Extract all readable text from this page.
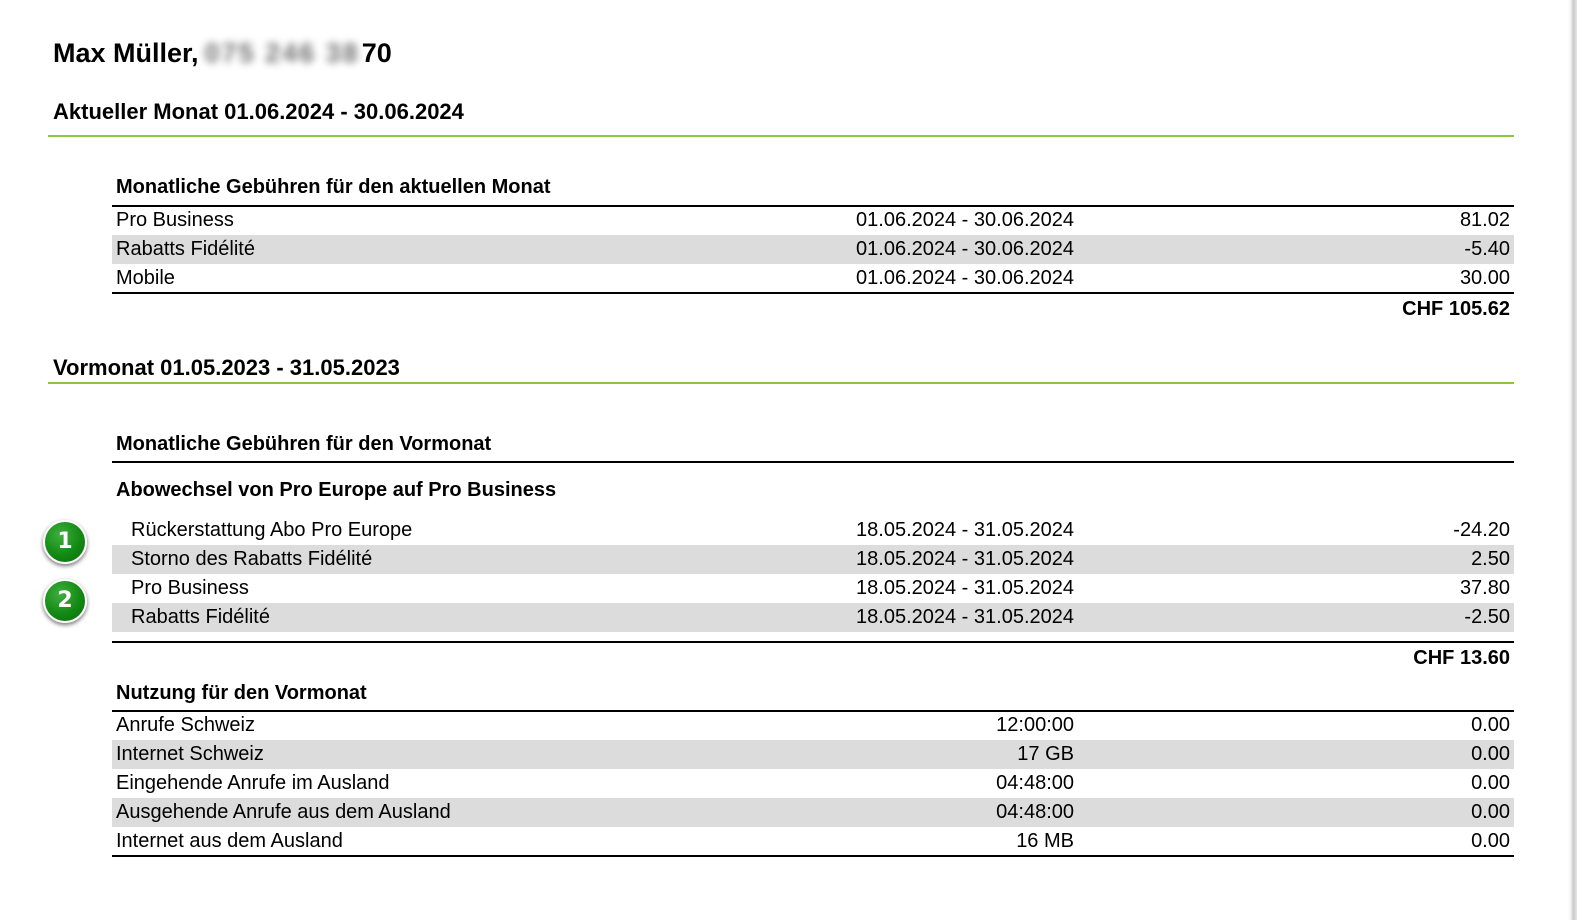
Max Müller, 075 246 3870
Aktueller Monat 01.06.2024 - 30.06.2024
Monatliche Gebühren für den aktuellen Monat
Pro Business	01.06.2024 - 30.06.2024	81.02
Rabatts Fidélité	01.06.2024 - 30.06.2024	-5.40
Mobile	01.06.2024 - 30.06.2024	30.00
CHF 105.62
Vormonat 01.05.2023 - 31.05.2023
Monatliche Gebühren für den Vormonat
Abowechsel von Pro Europe auf Pro Business
Rückerstattung Abo Pro Europe	18.05.2024 - 31.05.2024	-24.20
Storno des Rabatts Fidélité	18.05.2024 - 31.05.2024	2.50
Pro Business	18.05.2024 - 31.05.2024	37.80
Rabatts Fidélité	18.05.2024 - 31.05.2024	-2.50
CHF 13.60
1
2
Nutzung für den Vormonat
Anrufe Schweiz	12:00:00	0.00
Internet Schweiz	17 GB	0.00
Eingehende Anrufe im Ausland	04:48:00	0.00
Ausgehende Anrufe aus dem Ausland	04:48:00	0.00
Internet aus dem Ausland	16 MB	0.00
